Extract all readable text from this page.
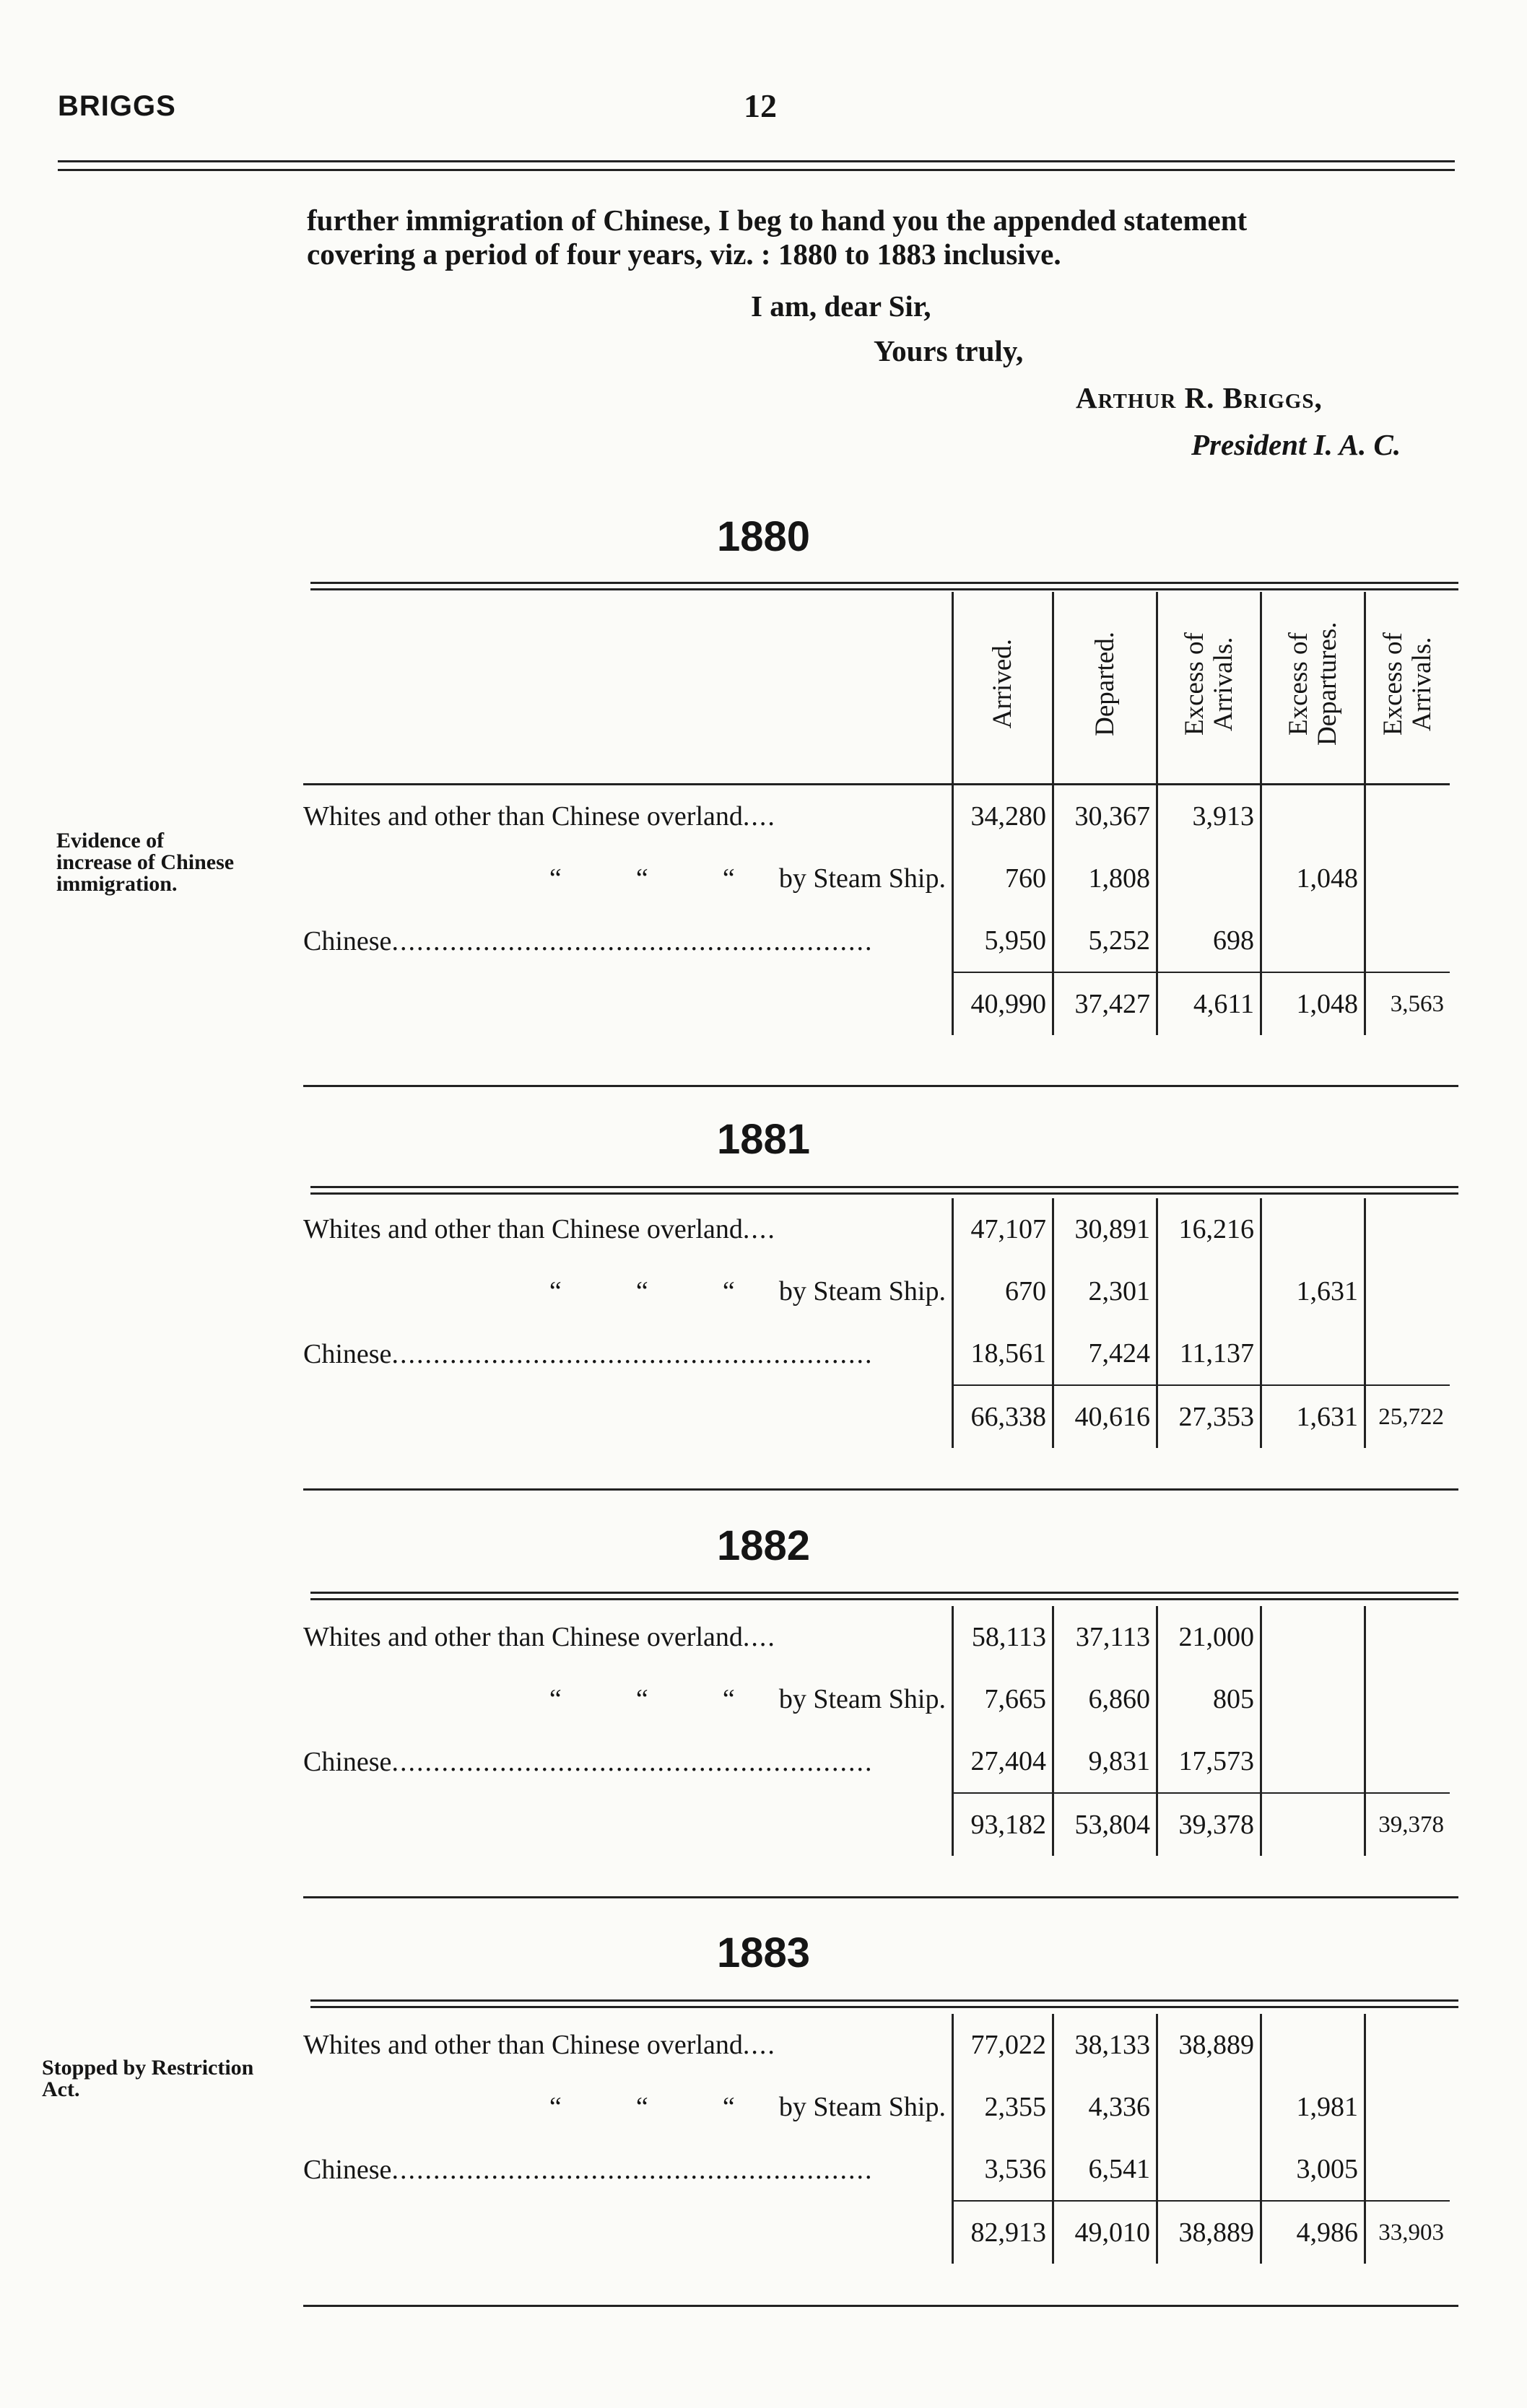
BRIGGS	12
further immigration of Chinese, I beg to hand you the appended statement
covering a period of four years, viz. : 1880 to 1883 inclusive.
I am, dear Sir,
Yours truly,
Arthur R. Briggs,
President I. A. C.
Evidence of increase of Chinese immigration.
Stopped by Restriction Act.
1880
	Arrived.	Departed.	Excess of Arrivals.	Excess of Departures.	Excess of Arrivals.
Whites and other than Chinese overland....	34,280	30,367	3,913		
“ “ “ by Steam Ship.	760	1,808		1,048	
Chinese..........................................................	5,950	5,252	698		
	40,990	37,427	4,611	1,048	3,563
1881
Whites and other than Chinese overland....	47,107	30,891	16,216		
“ “ “ by Steam Ship.	670	2,301		1,631	
Chinese..........................................................	18,561	7,424	11,137		
	66,338	40,616	27,353	1,631	25,722
1882
Whites and other than Chinese overland....	58,113	37,113	21,000		
“ “ “ by Steam Ship.	7,665	6,860	805		
Chinese..........................................................	27,404	9,831	17,573		
	93,182	53,804	39,378		39,378
1883
Whites and other than Chinese overland....	77,022	38,133	38,889		
“ “ “ by Steam Ship.	2,355	4,336		1,981	
Chinese..........................................................	3,536	6,541		3,005	
	82,913	49,010	38,889	4,986	33,903
